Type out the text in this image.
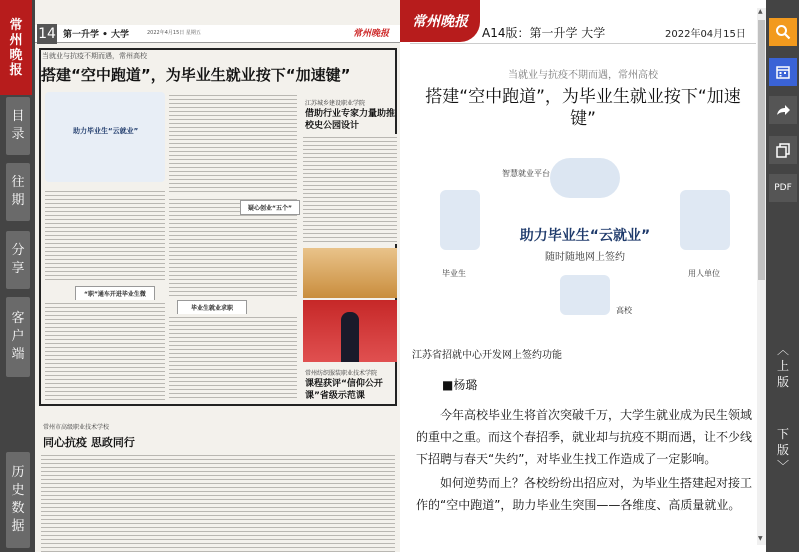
常
州
晚
报
目
录
往
期
分
享
客
户
端
历
史
数
据
14 第一升学 • 大学	2022年4月15日 星期五	常州晚报
当就业与抗疫不期而遇，常州高校
搭建“空中跑道”，为毕业生就业按下“加速键”
助力毕业生“云就业”
“职”通车开进毕业生微
疑心创业“五个”
毕业生就业求职
江苏城乡建设职业学院
借助行业专家力量助推校史公园设计
常州纺织服装职业技术学院
课程获评“信仰公开课”省级示范课
常州市高级职业技术学校
同心抗疫 思政同行
常州晚报
A14版：第一升学 大学	2022年04月15日
当就业与抗疫不期而遇，常州高校
搭建“空中跑道”，为毕业生就业按下“加速键”
智慧就业平台
助力毕业生“云就业”
随时随地网上签约
毕业生	用人单位
高校
江苏省招就中心开发网上签约功能
■杨璐

今年高校毕业生将首次突破千万，大学生就业成为民生领域的重中之重。而这个春招季，就业却与抗疫不期而遇，让不少线下招聘与春天“失约”，对毕业生找工作造成了一定影响。

如何逆势而上？各校纷纷出招应对，为毕业生搭建起对接工作的“空中跑道”，助力毕业生突围——各维度、高质量就业。

▲
▼
PDF
︿
上
版
下
版
﹀
